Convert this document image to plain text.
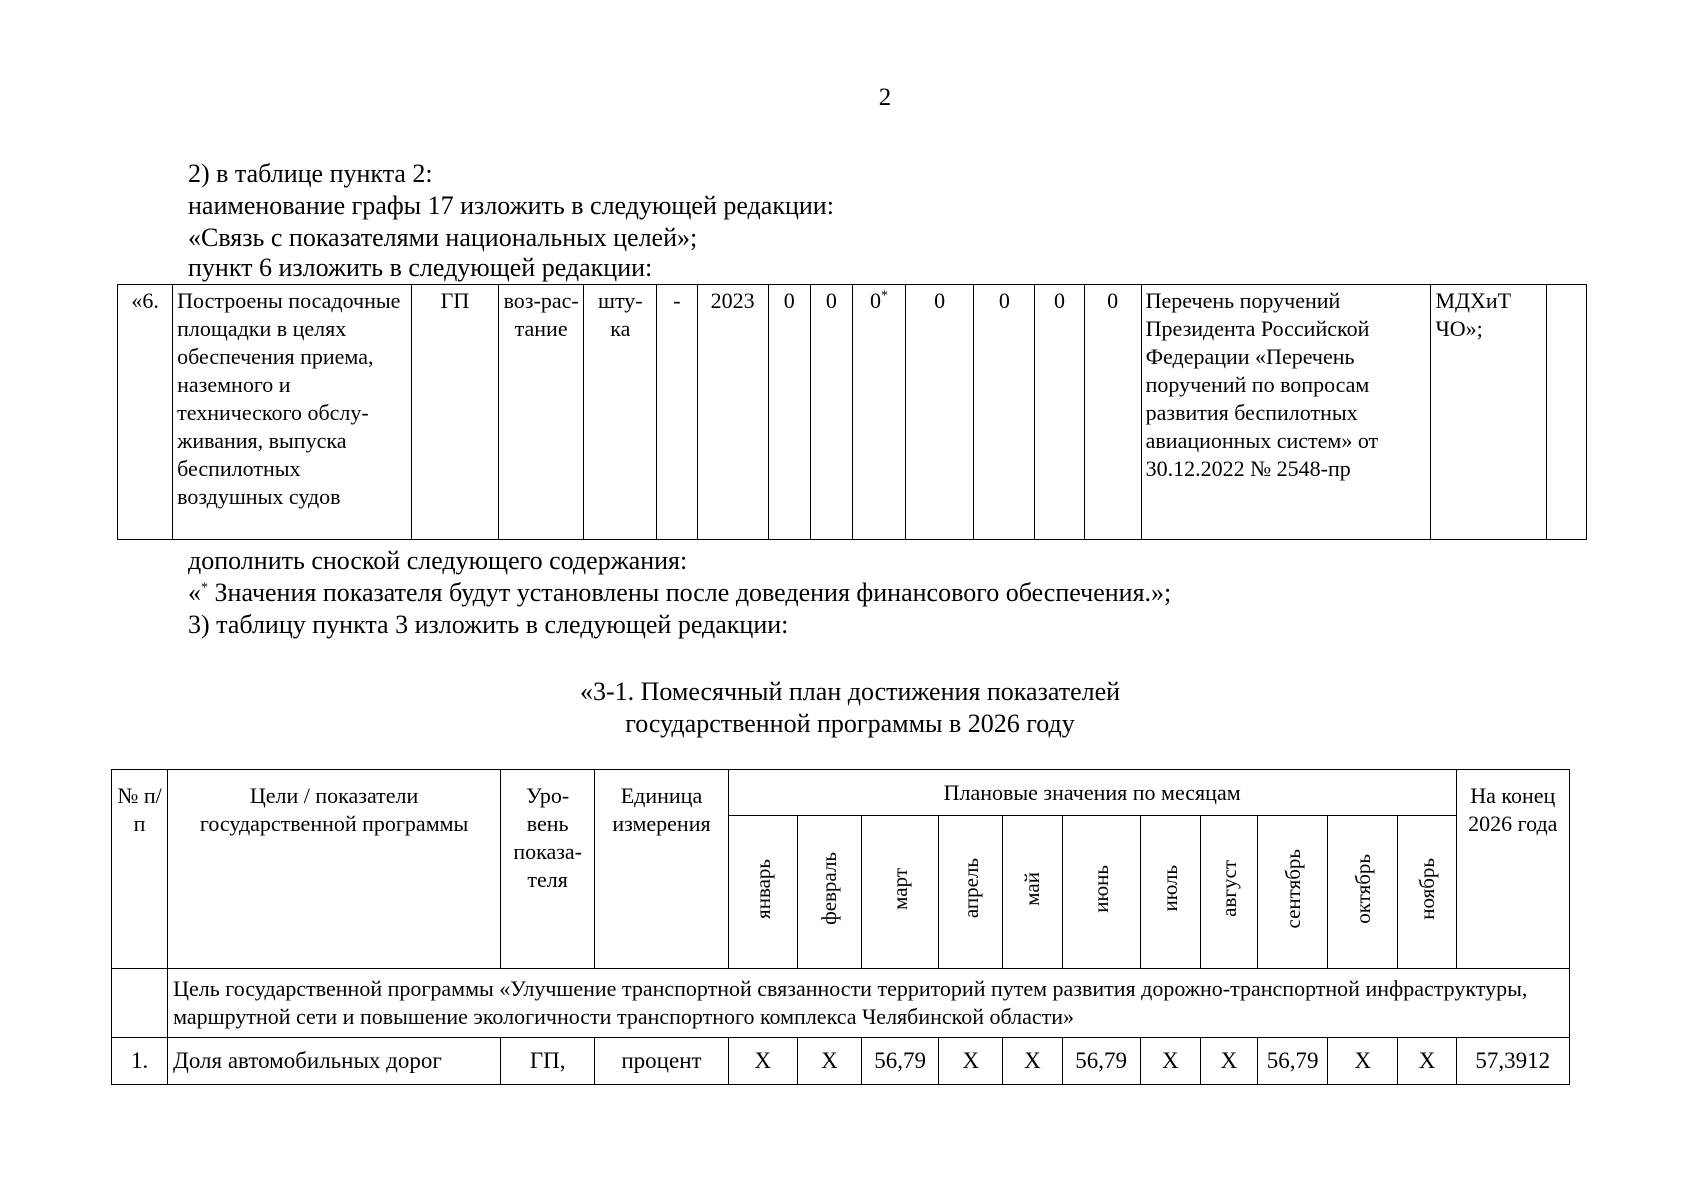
2
2) в таблице пункта 2:
наименование графы 17 изложить в следующей редакции:
«Связь с показателями национальных целей»;
пункт 6 изложить в следующей редакции:
«6.	Построены посадочные площадки в целях обеспечения приема, наземного и технического обслу-живания, выпуска беспилотных воздушных судов	ГП	воз-рас-тание	шту-ка	-	2023	0	0	0*	0	0	0	0	Перечень поручений Президента Российской Федерации «Перечень поручений по вопросам развития беспилотных авиационных систем» от 30.12.2022 № 2548-пр	МДХиТ ЧО»;	
дополнить сноской следующего содержания:
«* Значения показателя будут установлены после доведения финансового обеспечения.»;
3) таблицу пункта 3 изложить в следующей редакции:
«3-1. Помесячный план достижения показателей
государственной программы в 2026 году
№ п/п	Цели / показатели государственной программы	Уро-вень показа-теля	Единица измерения	Плановые значения по месяцам											На конец 2026 года
				январь	февраль	март	апрель	май	июнь	июль	август	сентябрь	октябрь	ноябрь	
	Цель государственной программы «Улучшение транспортной связанности территорий путем развития дорожно-транспортной инфраструктуры, маршрутной сети и повышение экологичности транспортного комплекса Челябинской области»														
1.	Доля автомобильных дорог	ГП,	процент	X	X	56,79	X	X	56,79	X	X	56,79	X	X	57,3912
